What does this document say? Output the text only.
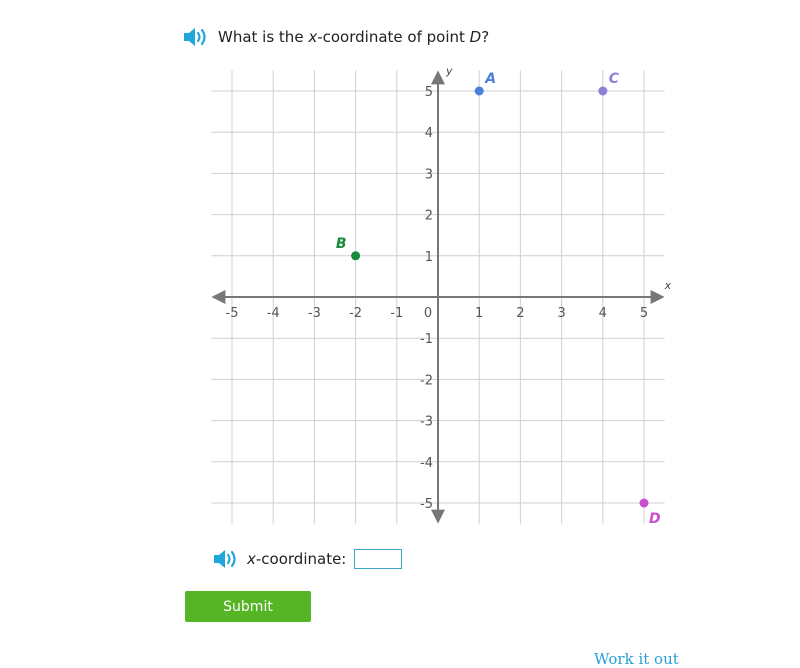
What is the x-coordinate of point D?
x
y
-5 -4 -3 -2 -1 0	1	2	3	4	5
5
4
3
2
1
-1
-2
-3
-4
-5
A
B
C
D
x-coordinate:
Submit
Work it out
